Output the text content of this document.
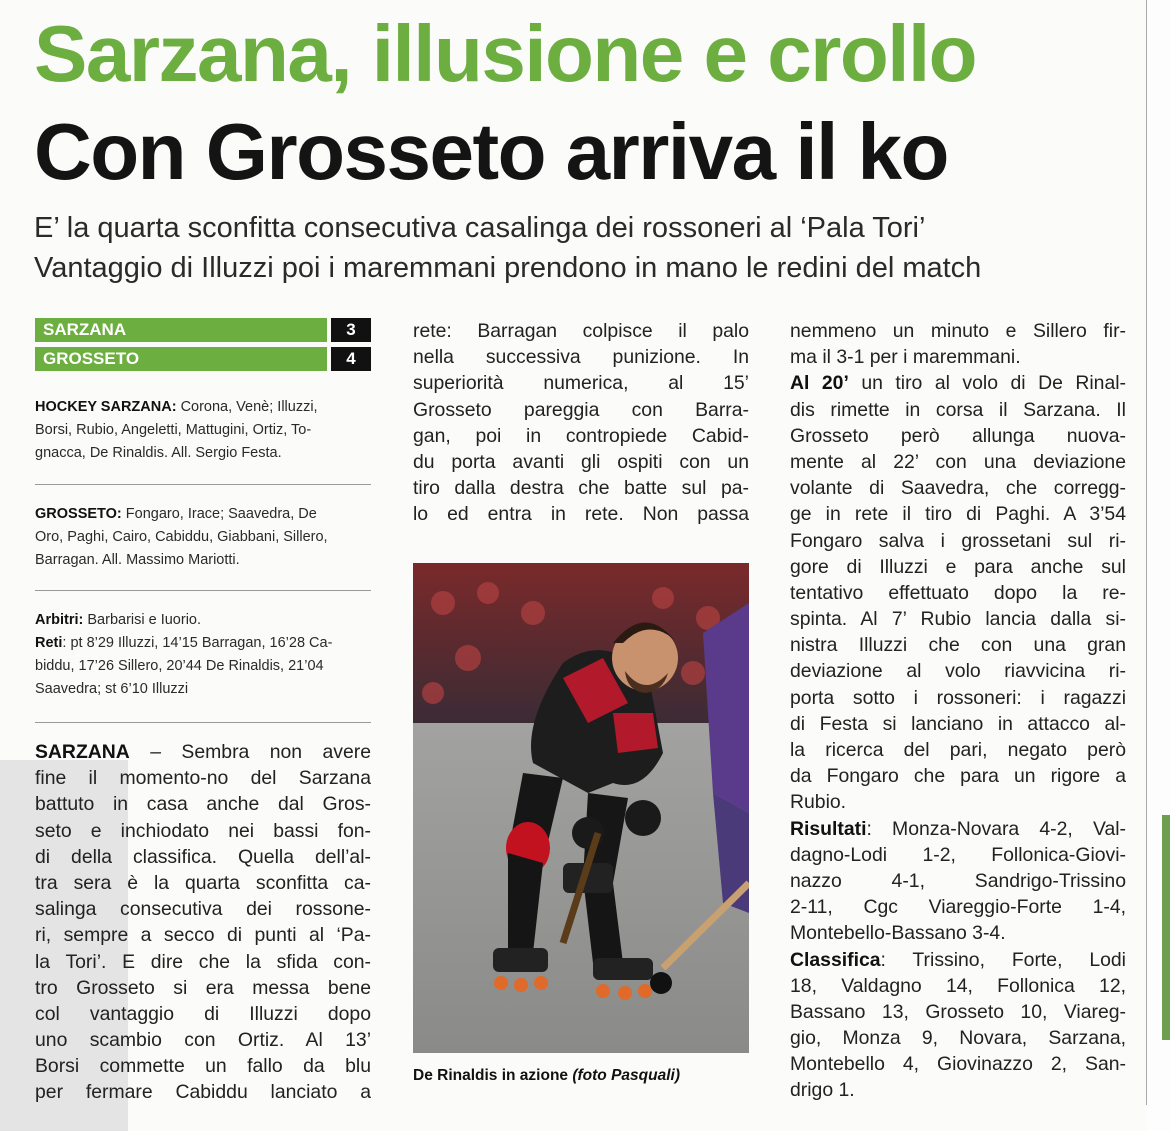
Sarzana, illusione e crollo
Con Grosseto arriva il ko
E’ la quarta sconfitta consecutiva casalinga dei rossoneri al ‘Pala Tori’
Vantaggio di Illuzzi poi i maremmani prendono in mano le redini del match
SARZANA	3
GROSSETO	4
HOCKEY SARZANA: Corona, Venè; Illuzzi,
Borsi, Rubio, Angeletti, Mattugini, Ortiz, To-
gnacca, De Rinaldis. All. Sergio Festa.
GROSSETO: Fongaro, Irace; Saavedra, De
Oro, Paghi, Cairo, Cabiddu, Giabbani, Sillero,
Barragan. All. Massimo Mariotti.
Arbitri: Barbarisi e Iuorio.
Reti: pt 8’29 Illuzzi, 14’15 Barragan, 16’28 Ca-
biddu, 17’26 Sillero, 20’44 De Rinaldis, 21’04
Saavedra; st 6’10 Illuzzi
SARZANA – Sembra non avere
fine il momento-no del Sarzana
battuto in casa anche dal Gros-
seto e inchiodato nei bassi fon-
di della classifica. Quella dell’al-
tra sera è la quarta sconfitta ca-
salinga consecutiva dei rossone-
ri, sempre a secco di punti al ‘Pa-
la Tori’. E dire che la sfida con-
tro Grosseto si era messa bene
col vantaggio di Illuzzi dopo
uno scambio con Ortiz. Al 13’
Borsi commette un fallo da blu
per fermare Cabiddu lanciato a
rete: Barragan colpisce il palo
nella successiva punizione. In
superiorità numerica, al 15’
Grosseto pareggia con Barra-
gan, poi in contropiede Cabid-
du porta avanti gli ospiti con un
tiro dalla destra che batte sul pa-
lo ed entra in rete. Non passa
De Rinaldis in azione (foto Pasquali)
nemmeno un minuto e Sillero fir-
ma il 3-1 per i maremmani.
Al 20’ un tiro al volo di De Rinal-
dis rimette in corsa il Sarzana. Il
Grosseto però allunga nuova-
mente al 22’ con una deviazione
volante di Saavedra, che corregg-
ge in rete il tiro di Paghi. A 3’54
Fongaro salva i grossetani sul ri-
gore di Illuzzi e para anche sul
tentativo effettuato dopo la re-
spinta. Al 7’ Rubio lancia dalla si-
nistra Illuzzi che con una gran
deviazione al volo riavvicina ri-
porta sotto i rossoneri: i ragazzi
di Festa si lanciano in attacco al-
la ricerca del pari, negato però
da Fongaro che para un rigore a
Rubio.
Risultati: Monza-Novara 4-2, Val-
dagno-Lodi 1-2, Follonica-Giovi-
nazzo 4-1, Sandrigo-Trissino
2-11, Cgc Viareggio-Forte 1-4,
Montebello-Bassano 3-4.
Classifica: Trissino, Forte, Lodi
18, Valdagno 14, Follonica 12,
Bassano 13, Grosseto 10, Viareg-
gio, Monza 9, Novara, Sarzana,
Montebello 4, Giovinazzo 2, San-
drigo 1.
